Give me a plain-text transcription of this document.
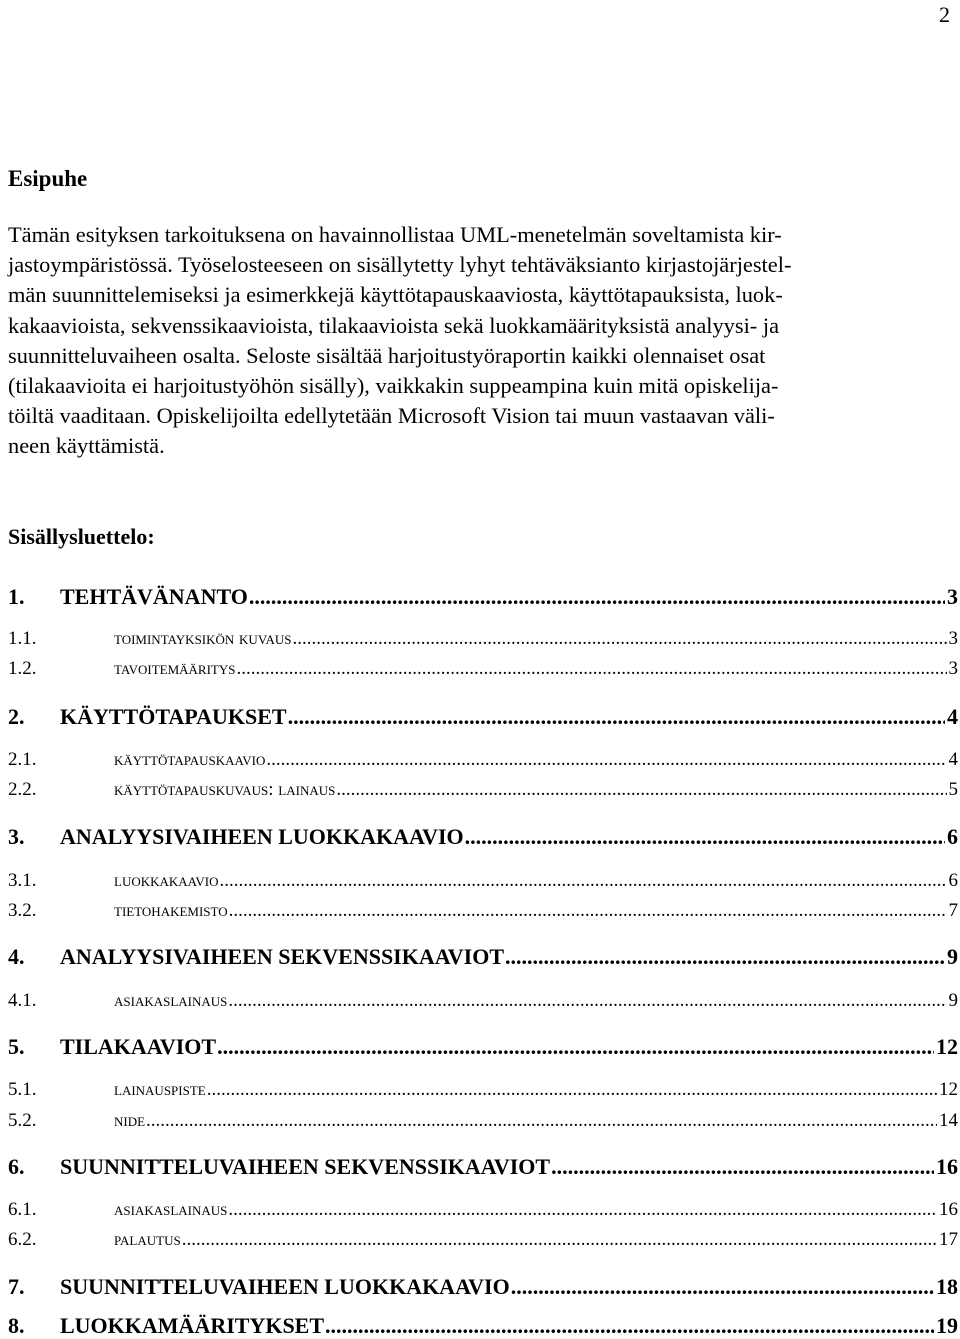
2
Esipuhe
Tämän esityksen tarkoituksena on havainnollistaa UML-menetelmän soveltamista kir-
jastoympäristössä. Työselosteeseen on sisällytetty lyhyt tehtäväksianto kirjastojärjestel-
män suunnittelemiseksi ja esimerkkejä käyttötapauskaaviosta, käyttötapauksista, luok-
kakaavioista, sekvenssikaavioista, tilakaavioista sekä luokkamäärityksistä analyysi- ja
suunnitteluvaiheen osalta. Seloste sisältää harjoitustyöraportin kaikki olennaiset osat
(tilakaavioita ei harjoitustyöhön sisälly), vaikkakin suppeampina kuin mitä opiskelija-
töiltä vaaditaan. Opiskelijoilta edellytetään Microsoft Vision tai muun vastaavan väli-
neen käyttämistä.
Sisällysluettelo:
1.	TEHTÄVÄNANTO .....	3
1.1.	toimintayksikön kuvaus .....	3
1.2.	tavoitemääritys .....	3
2.	KÄYTTÖTAPAUKSET .....	4
2.1.	käyttötapauskaavio .....	4
2.2.	käyttötapauskuvaus: lainaus .....	5
3.	ANALYYSIVAIHEEN LUOKKAKAAVIO .....	6
3.1.	luokkakaavio .....	6
3.2.	tietohakemisto .....	7
4.	ANALYYSIVAIHEEN SEKVENSSIKAAVIOT .....	9
4.1.	asiakaslainaus .....	9
5.	TILAKAAVIOT .....	12
5.1.	lainauspiste .....	12
5.2.	nide .....	14
6.	SUUNNITTELUVAIHEEN SEKVENSSIKAAVIOT .....	16
6.1.	asiakaslainaus .....	16
6.2.	palautus .....	17
7.	SUUNNITTELUVAIHEEN LUOKKAKAAVIO .....	18
8.	LUOKKAMÄÄRITYKSET .....	19
